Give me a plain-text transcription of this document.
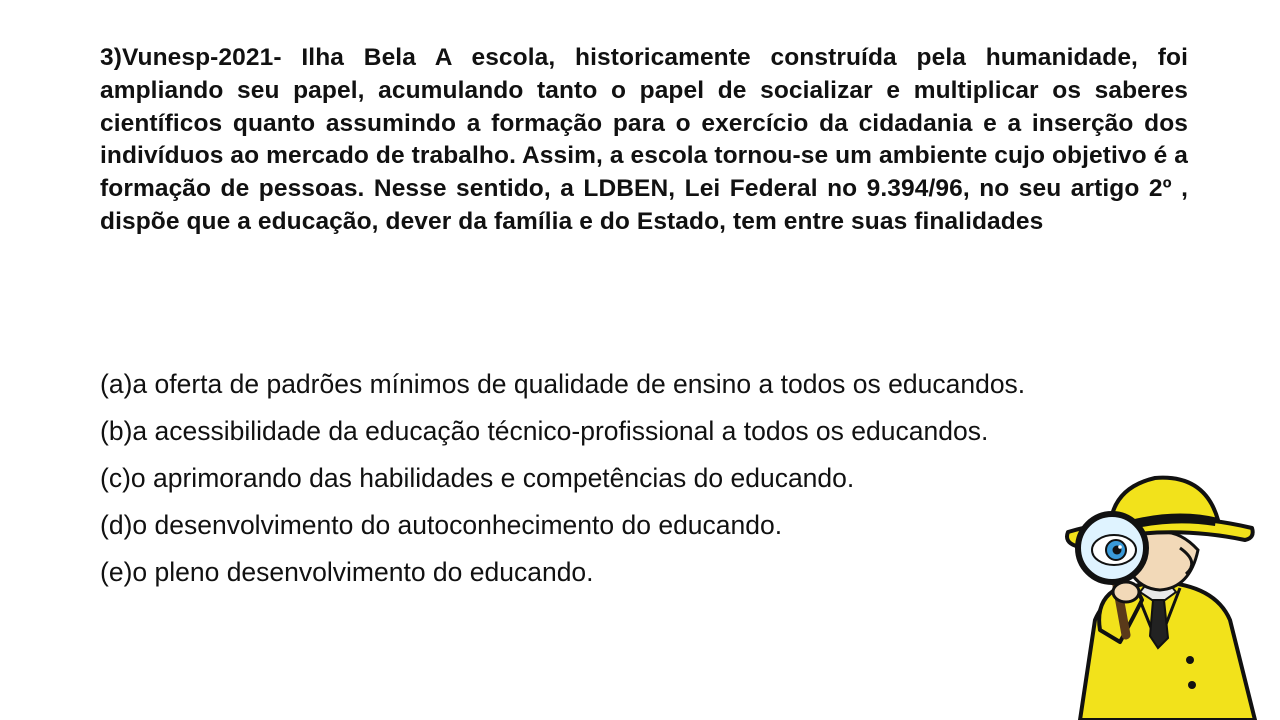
3)Vunesp-2021- Ilha Bela A escola, historicamente construída pela humanidade, foi ampliando seu papel, acumulando tanto o papel de socializar e multiplicar os saberes científicos quanto assumindo a formação para o exercício da cidadania e a inserção dos indivíduos ao mercado de trabalho. Assim, a escola tornou-se um ambiente cujo objetivo é a formação de pessoas. Nesse sentido, a LDBEN, Lei Federal no 9.394/96, no seu artigo 2º , dispõe que a educação, dever da família e do Estado, tem entre suas finalidades

(a)a oferta de padrões mínimos de qualidade de ensino a todos os educandos.
(b)a acessibilidade da educação técnico-profissional a todos os educandos.
(c)o aprimorando das habilidades e competências do educando.
(d)o desenvolvimento do autoconhecimento do educando.
(e)o pleno desenvolvimento do educando.
